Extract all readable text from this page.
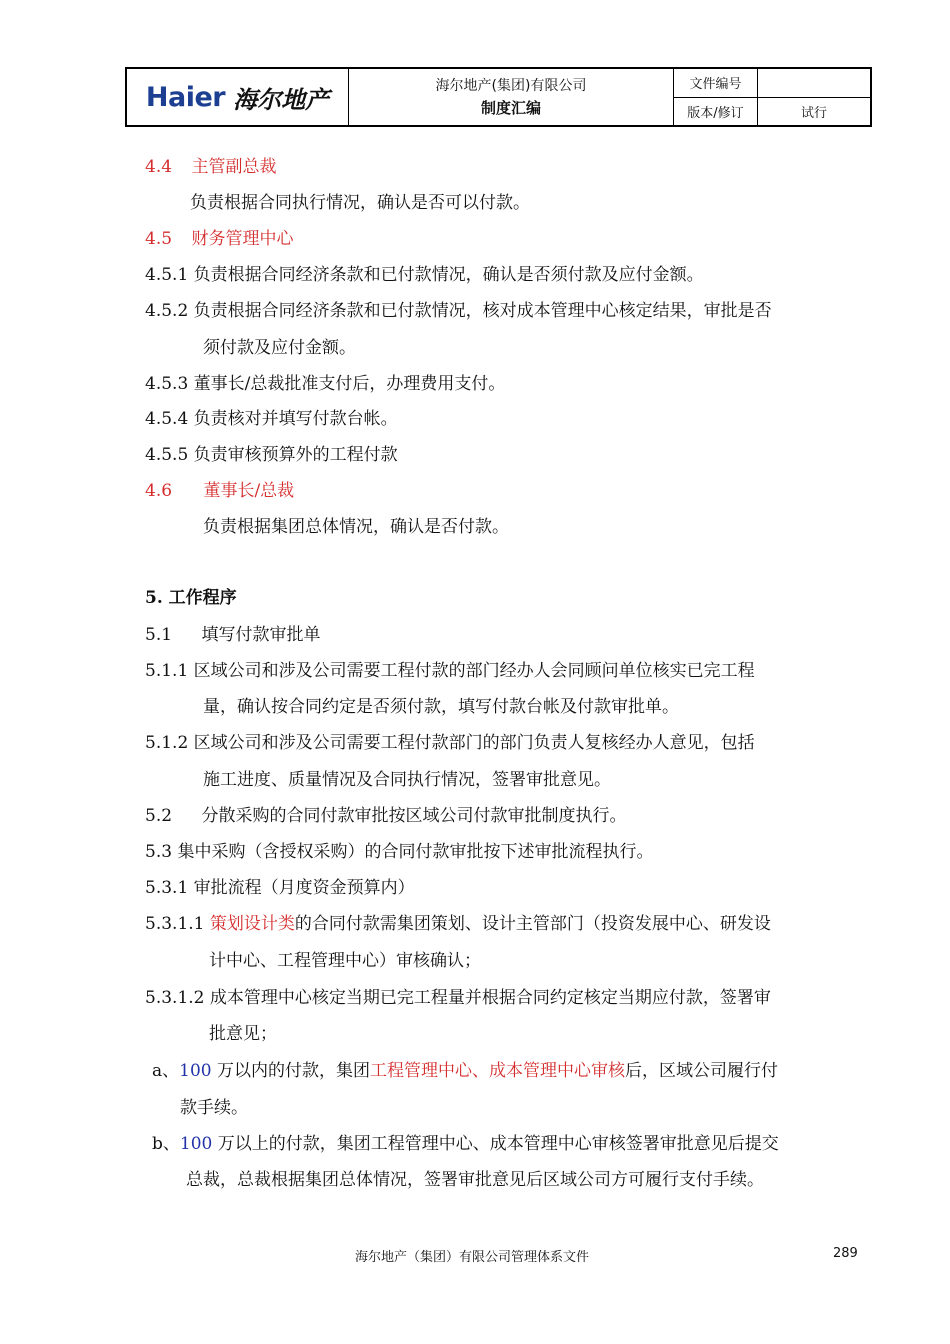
Haier 海尔地产	海尔地产(集团)有限公司
制度汇编
文件编号
版本/修订	试行
4.4 主管副总裁
负责根据合同执行情况，确认是否可以付款。
4.5 财务管理中心
4.5.1 负责根据合同经济条款和已付款情况，确认是否须付款及应付金额。
4.5.2 负责根据合同经济条款和已付款情况，核对成本管理中心核定结果，审批是否
须付款及应付金额。
4.5.3 董事长/总裁批准支付后，办理费用支付。
4.5.4 负责核对并填写付款台帐。
4.5.5 负责审核预算外的工程付款
4.6 董事长/总裁
负责根据集团总体情况，确认是否付款。
5. 工作程序
5.1 填写付款审批单
5.1.1 区域公司和涉及公司需要工程付款的部门经办人会同顾问单位核实已完工程
量，确认按合同约定是否须付款，填写付款台帐及付款审批单。
5.1.2 区域公司和涉及公司需要工程付款部门的部门负责人复核经办人意见，包括
施工进度、质量情况及合同执行情况，签署审批意见。
5.2 分散采购的合同付款审批按区域公司付款审批制度执行。
5.3 集中采购（含授权采购）的合同付款审批按下述审批流程执行。
5.3.1 审批流程（月度资金预算内）
5.3.1.1 策划设计类的合同付款需集团策划、设计主管部门（投资发展中心、研发设
计中心、工程管理中心）审核确认；
5.3.1.2 成本管理中心核定当期已完工程量并根据合同约定核定当期应付款，签署审
批意见；
a、100 万以内的付款，集团工程管理中心、成本管理中心审核后，区域公司履行付
款手续。
b、100 万以上的付款，集团工程管理中心、成本管理中心审核签署审批意见后提交
总裁，总裁根据集团总体情况，签署审批意见后区域公司方可履行支付手续。
海尔地产（集团）有限公司管理体系文件	289
